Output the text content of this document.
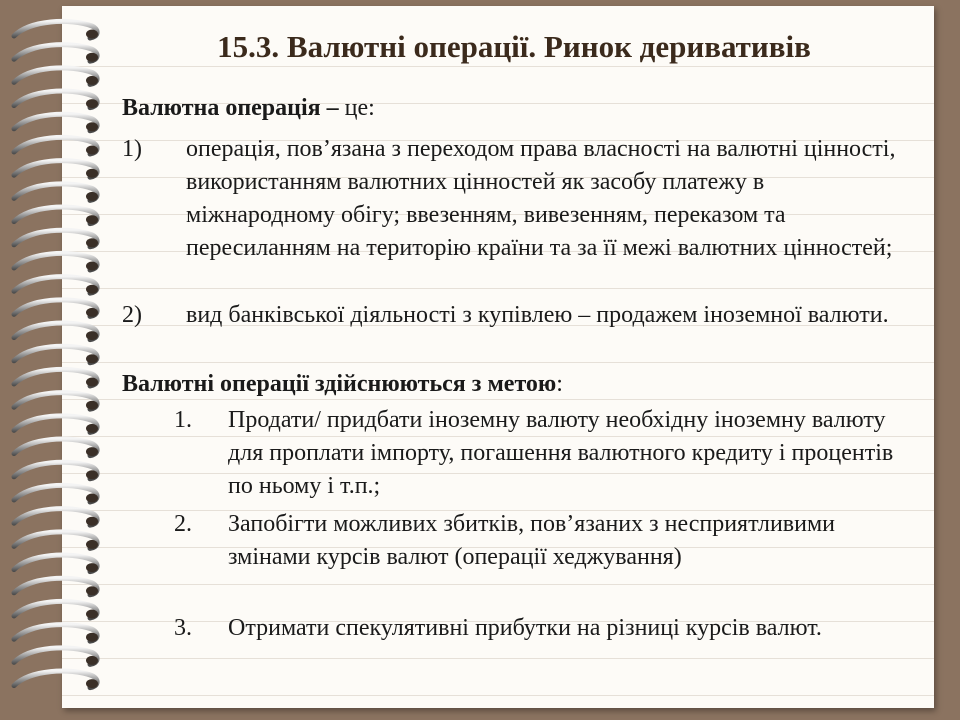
15.3. Валютні операції. Ринок деривативів
Валютна операція – це:
1) операція, пов’язана з переходом права власності на валютні цінності, використанням валютних цінностей як засобу платежу в міжнародному обігу; ввезенням, вивезенням, переказом та пересиланням на територію країни та за її межі валютних цінностей;
2) вид банківської діяльності з купівлею – продажем іноземної валюти.
Валютні операції здійснюються з метою:
1. Продати/ придбати іноземну валюту необхідну іноземну валюту для проплати імпорту, погашення валютного кредиту і процентів по ньому і т.п.;
2. Запобігти можливих збитків, пов’язаних з несприятливими змінами курсів валют (операції хеджування)
3. Отримати спекулятивні прибутки на різниці курсів валют.
